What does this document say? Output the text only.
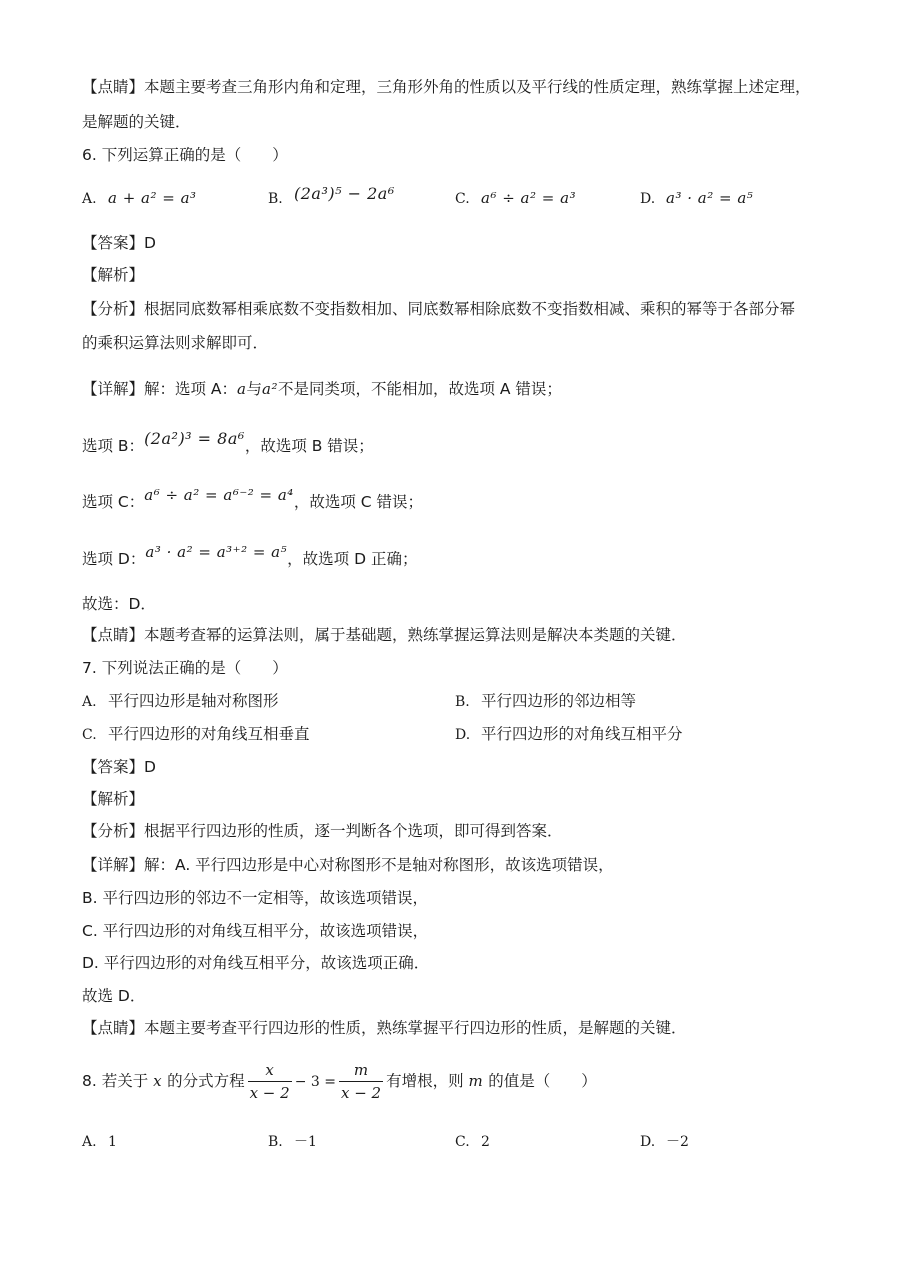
【点睛】本题主要考查三角形内角和定理，三角形外角的性质以及平行线的性质定理，熟练掌握上述定理，
是解题的关键．
6. 下列运算正确的是（　　）
A. a + a² = a³	B. (2a³)⁵ − 2a⁶	C. a⁶ ÷ a² = a³	D. a³ · a² = a⁵
【答案】D
【解析】
【分析】根据同底数幂相乘底数不变指数相加、同底数幂相除底数不变指数相减、乘积的幂等于各部分幂
的乘积运算法则求解即可．
【详解】解：选项 A：a与a²不是同类项，不能相加，故选项 A 错误；
选项 B：(2a²)³ = 8a⁶，故选项 B 错误；
选项 C：a⁶ ÷ a² = a⁶⁻² = a⁴，故选项 C 错误；
选项 D：a³ · a² = a³⁺² = a⁵，故选项 D 正确；
故选：D．
【点睛】本题考查幂的运算法则，属于基础题，熟练掌握运算法则是解决本类题的关键．
7. 下列说法正确的是（　　）
A. 平行四边形是轴对称图形	B. 平行四边形的邻边相等
C. 平行四边形的对角线互相垂直	D. 平行四边形的对角线互相平分
【答案】D
【解析】
【分析】根据平行四边形的性质，逐一判断各个选项，即可得到答案．
【详解】解：A. 平行四边形是中心对称图形不是轴对称图形，故该选项错误，
B. 平行四边形的邻边不一定相等，故该选项错误，
C. 平行四边形的对角线互相平分，故该选项错误，
D. 平行四边形的对角线互相平分，故该选项正确．
故选 D．
【点睛】本题主要考查平行四边形的性质，熟练掌握平行四边形的性质，是解题的关键．
8. 若关于 x 的分式方程 $\frac{x}{x - 2} - 3 = \frac{m}{x - 2}$ 有增根，则 m 的值是（　　）
A. 1	B. －1	C. 2	D. －2
